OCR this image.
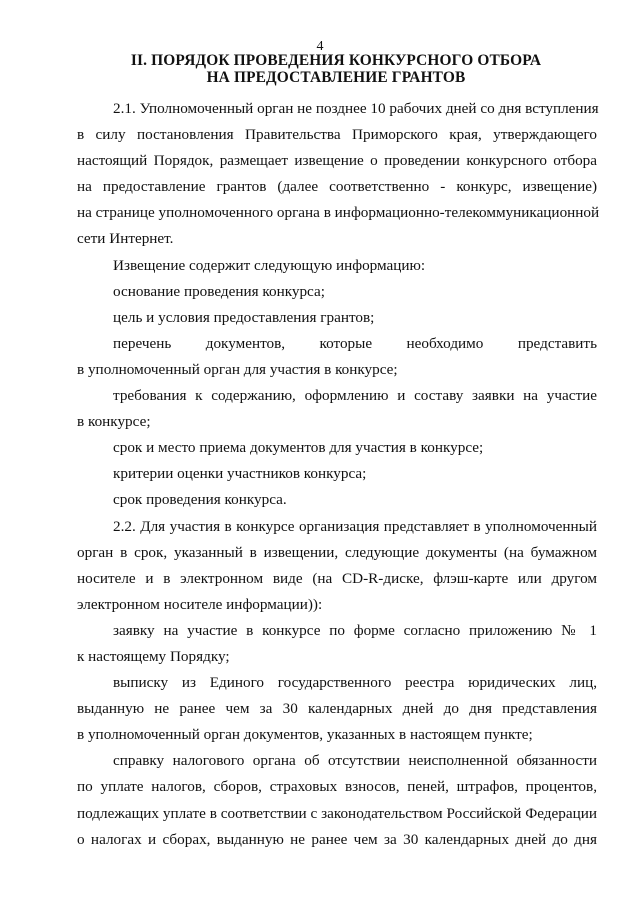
4
II. ПОРЯДОК ПРОВЕДЕНИЯ КОНКУРСНОГО ОТБОРА
НА ПРЕДОСТАВЛЕНИЕ ГРАНТОВ
2.1. Уполномоченный орган не позднее 10 рабочих дней со дня вступления
в силу постановления Правительства Приморского края, утверждающего
настоящий Порядок, размещает извещение о проведении конкурсного отбора
на предоставление грантов (далее соответственно - конкурс, извещение)
на странице уполномоченного органа в информационно-телекоммуникационной
сети Интернет.
Извещение содержит следующую информацию:
основание проведения конкурса;
цель и условия предоставления грантов;
перечень документов, которые необходимо представить
в уполномоченный орган для участия в конкурсе;
требования к содержанию, оформлению и составу заявки на участие
в конкурсе;
срок и место приема документов для участия в конкурсе;
критерии оценки участников конкурса;
срок проведения конкурса.
2.2. Для участия в конкурсе организация представляет в уполномоченный
орган в срок, указанный в извещении, следующие документы (на бумажном
носителе и в электронном виде (на CD-R-диске, флэш-карте или другом
электронном носителе информации)):
заявку на участие в конкурсе по форме согласно приложению № 1
к настоящему Порядку;
выписку из Единого государственного реестра юридических лиц,
выданную не ранее чем за 30 календарных дней до дня представления
в уполномоченный орган документов, указанных в настоящем пункте;
справку налогового органа об отсутствии неисполненной обязанности
по уплате налогов, сборов, страховых взносов, пеней, штрафов, процентов,
подлежащих уплате в соответствии с законодательством Российской Федерации
о налогах и сборах, выданную не ранее чем за 30 календарных дней до дня
